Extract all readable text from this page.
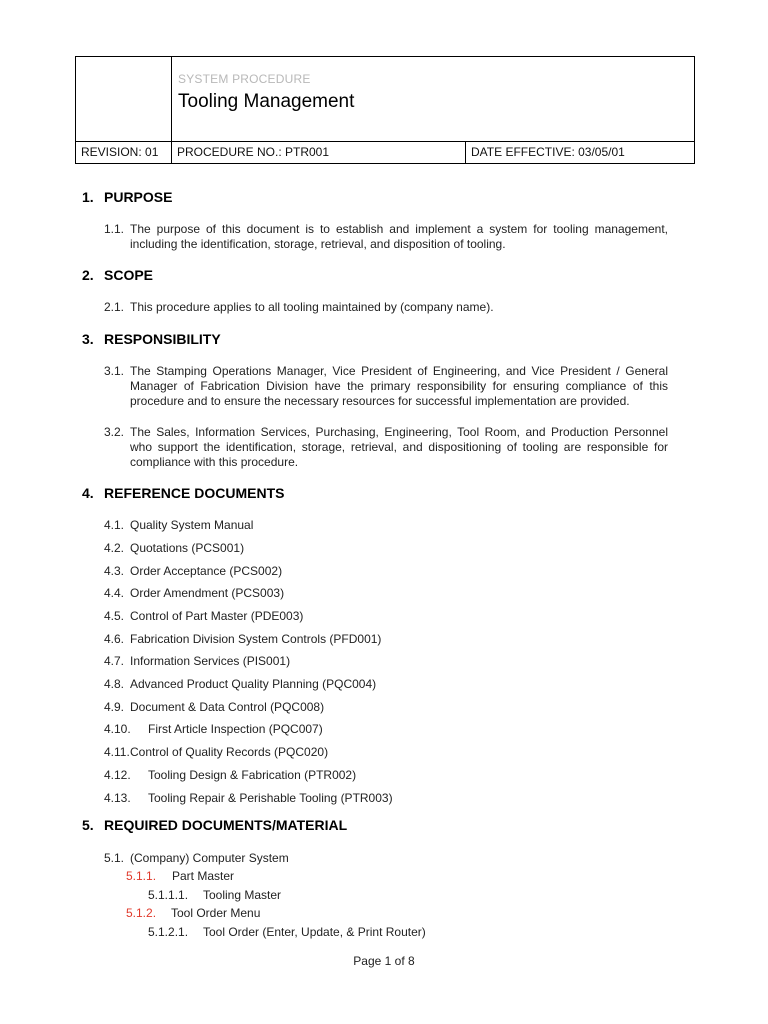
SYSTEM PROCEDURE
Tooling Management
REVISION: 01	PROCEDURE NO.: PTR001	DATE EFFECTIVE: 03/05/01
1. PURPOSE
1.1. The purpose of this document is to establish and implement a system for tooling management, including the identification, storage, retrieval, and disposition of tooling.
2. SCOPE
2.1. This procedure applies to all tooling maintained by (company name).
3. RESPONSIBILITY
3.1. The Stamping Operations Manager, Vice President of Engineering, and Vice President / General Manager of Fabrication Division have the primary responsibility for ensuring compliance of this procedure and to ensure the necessary resources for successful implementation are provided.
3.2. The Sales, Information Services, Purchasing, Engineering, Tool Room, and Production Personnel who support the identification, storage, retrieval, and dispositioning of tooling are responsible for compliance with this procedure.
4. REFERENCE DOCUMENTS
4.1. Quality System Manual
4.2. Quotations (PCS001)
4.3. Order Acceptance (PCS002)
4.4. Order Amendment (PCS003)
4.5. Control of Part Master (PDE003)
4.6. Fabrication Division System Controls (PFD001)
4.7. Information Services (PIS001)
4.8. Advanced Product Quality Planning (PQC004)
4.9. Document & Data Control (PQC008)
4.10. First Article Inspection (PQC007)
4.11.Control of Quality Records (PQC020)
4.12. Tooling Design & Fabrication (PTR002)
4.13. Tooling Repair & Perishable Tooling (PTR003)
5. REQUIRED DOCUMENTS/MATERIAL
5.1. (Company) Computer System
5.1.1. Part Master
5.1.1.1. Tooling Master
5.1.2. Tool Order Menu
5.1.2.1. Tool Order (Enter, Update, & Print Router)
Page 1 of 8
